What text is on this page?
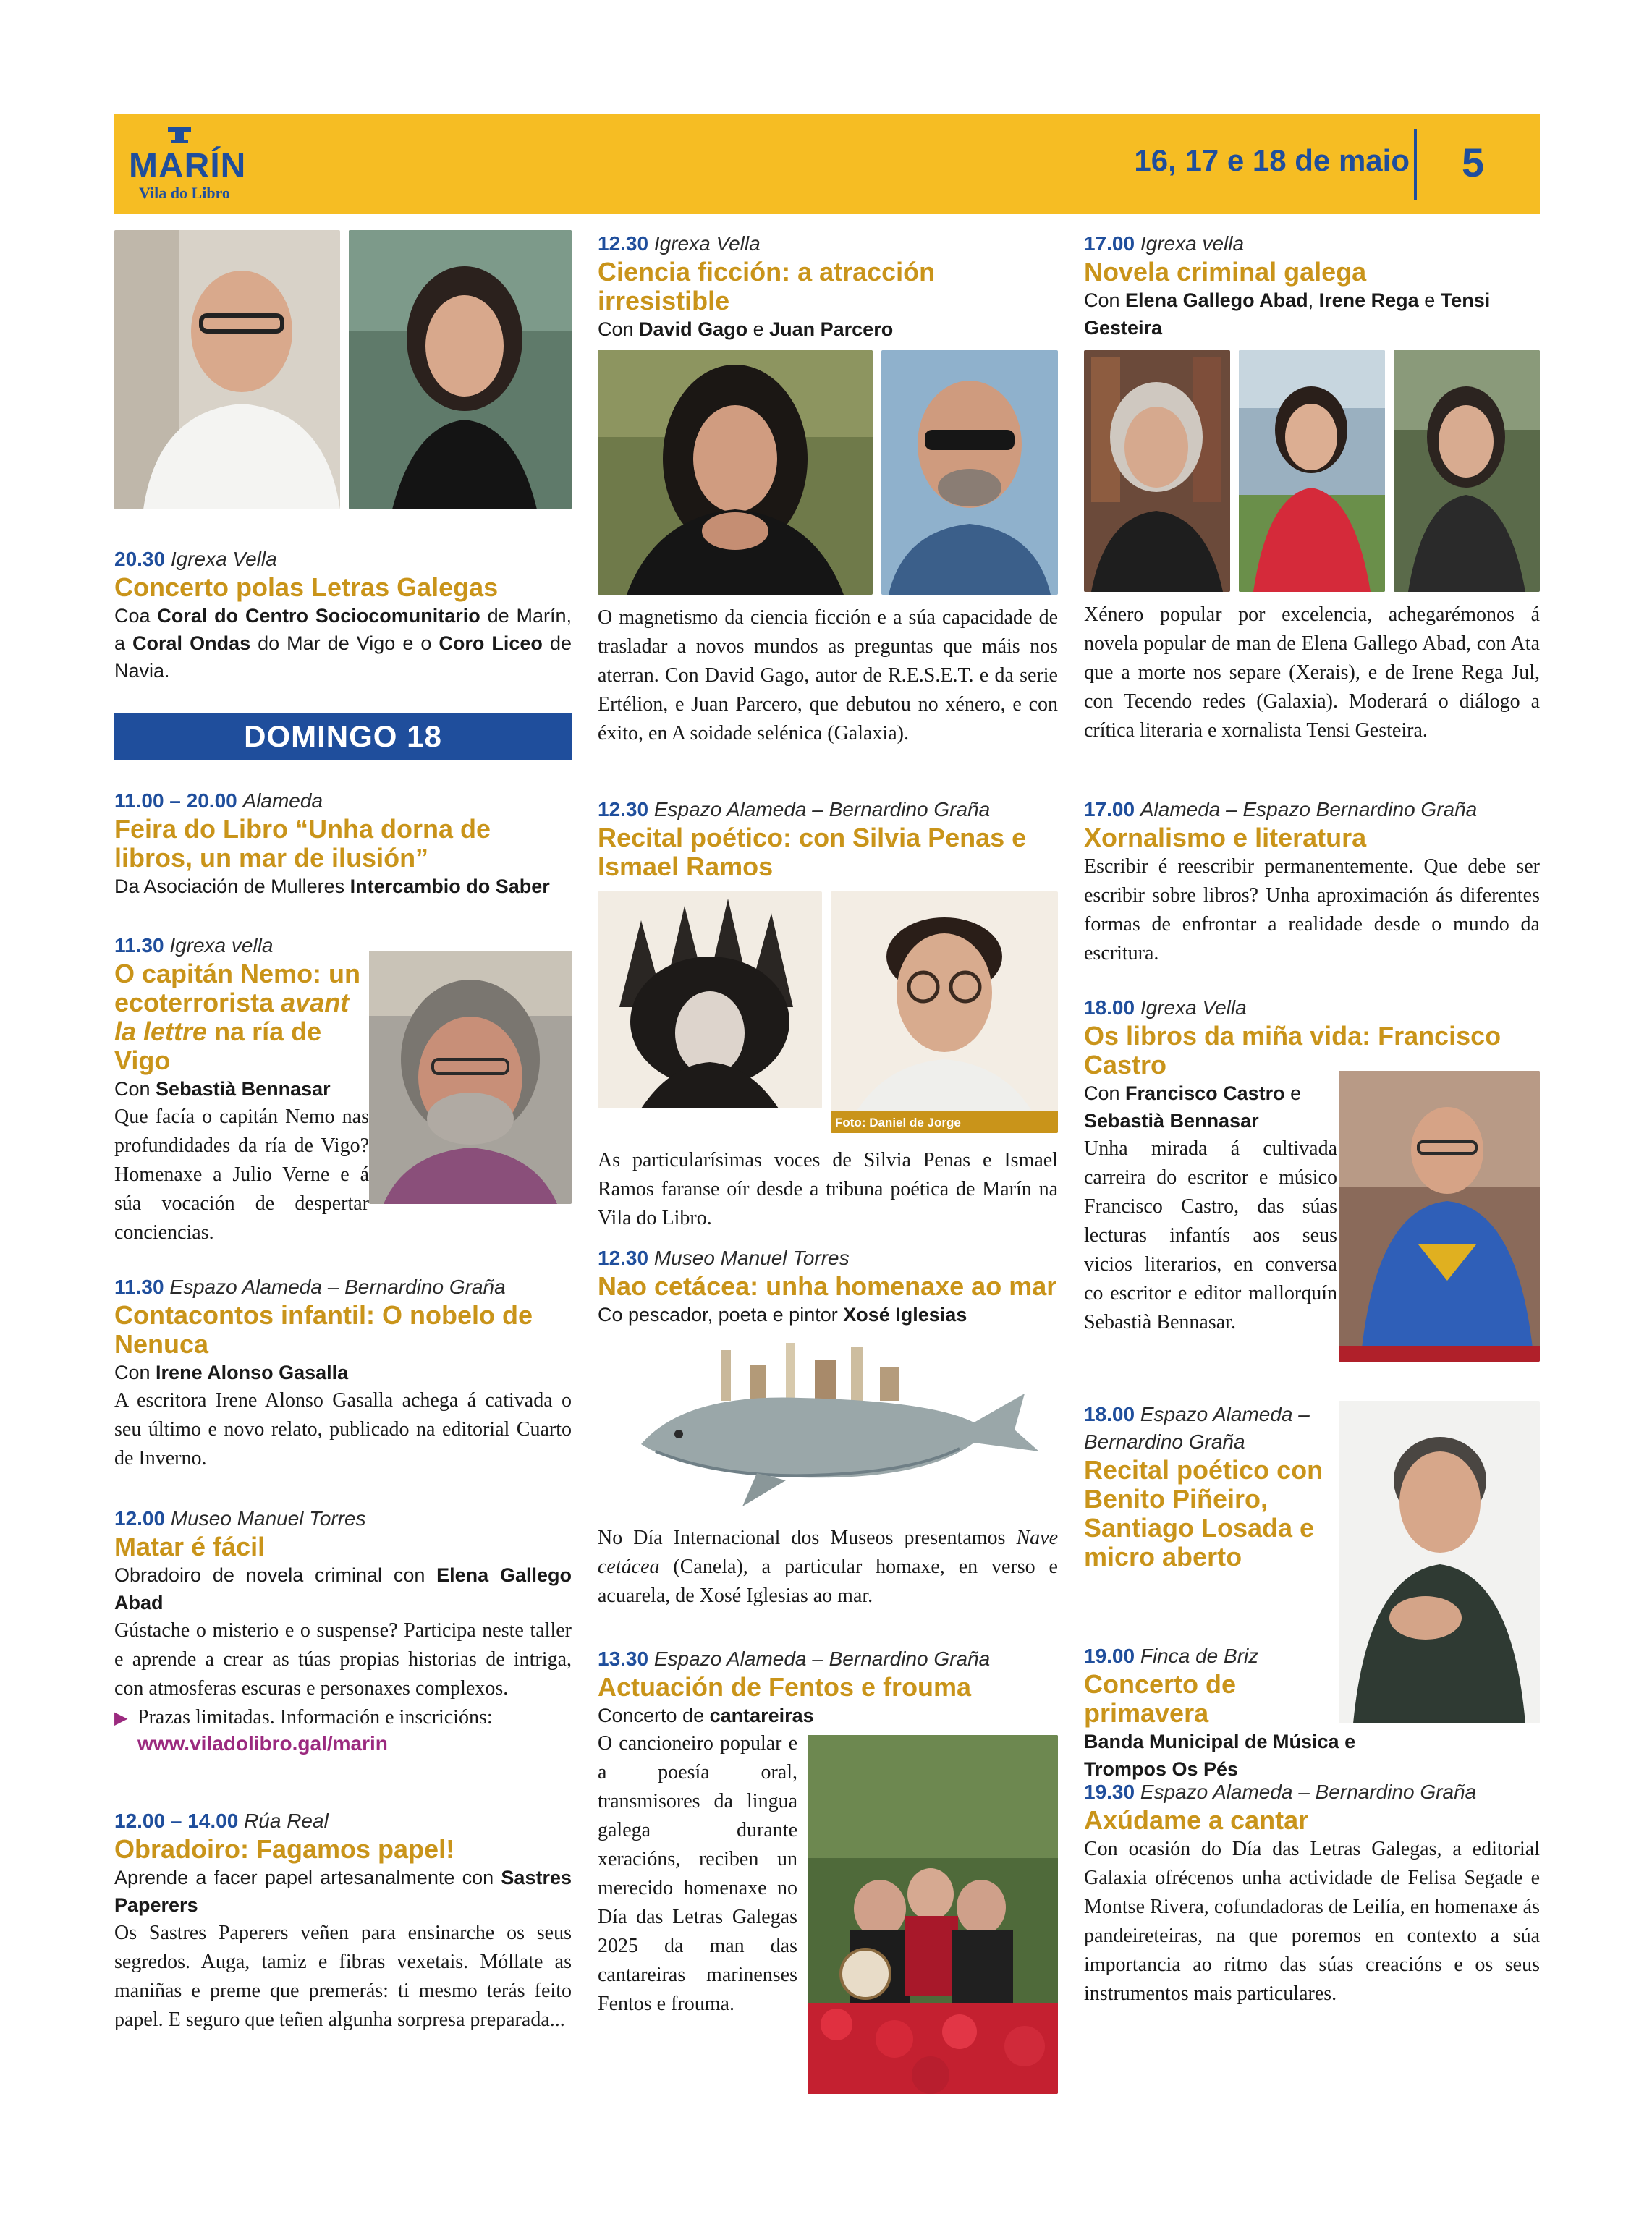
MARÍN
Vila do Libro
16, 17 e 18 de maio 5
20.30 Igrexa Vella
Concerto polas Letras Galegas
Coa Coral do Centro Sociocomunitario de Marín, a Coral Ondas do Mar de Vigo e o Coro Liceo de Navia.
DOMINGO 18
11.00 – 20.00 Alameda
Feira do Libro “Unha dorna de libros, un mar de ilusión”
Da Asociación de Mulleres Intercambio do Saber
11.30 Igrexa vella
O capitán Nemo: un ecoterrorista avant la lettre na ría de Vigo
Con Sebastià Bennasar
Que facía o capitán Nemo nas profundidades da ría de Vigo? Homenaxe a Julio Verne e á súa vocación de despertar conciencias.
11.30 Espazo Alameda – Bernardino Graña
Contacontos infantil: O nobelo de Nenuca
Con Irene Alonso Gasalla
A escritora Irene Alonso Gasalla achega á cativada o seu último e novo relato, publicado na editorial Cuarto de Inverno.
12.00 Museo Manuel Torres
Matar é fácil
Obradoiro de novela criminal con Elena Gallego Abad
Gústache o misterio e o suspense? Participa neste taller e aprende a crear as túas propias historias de intriga, con atmosferas escuras e personaxes complexos.
▶ Prazas limitadas. Información e inscricións:
www.viladolibro.gal/marin
12.00 – 14.00 Rúa Real
Obradoiro: Fagamos papel!
Aprende a facer papel artesanalmente con Sastres Paperers
Os Sastres Paperers veñen para ensinarche os seus segredos. Auga, tamiz e fibras vexetais. Móllate as maniñas e preme que premerás: ti mesmo terás feito papel. E seguro que teñen algunha sorpresa preparada...
12.30 Igrexa Vella
Ciencia ficción: a atracción irresistible
Con David Gago e Juan Parcero
O magnetismo da ciencia ficción e a súa capacidade de trasladar a novos mundos as preguntas que máis nos aterran. Con David Gago, autor de R.E.S.E.T. e da serie Ertélion, e Juan Parcero, que debutou no xénero, e con éxito, en A soidade selénica (Galaxia).
12.30 Espazo Alameda – Bernardino Graña
Recital poético: con Silvia Penas e Ismael Ramos
Foto: Daniel de Jorge
As particularísimas voces de Silvia Penas e Ismael Ramos faranse oír desde a tribuna poética de Marín na Vila do Libro.
12.30 Museo Manuel Torres
Nao cetácea: unha homenaxe ao mar
Co pescador, poeta e pintor Xosé Iglesias
No Día Internacional dos Museos presentamos Nave cetácea (Canela), a particular homaxe, en verso e acuarela, de Xosé Iglesias ao mar.
13.30 Espazo Alameda – Bernardino Graña
Actuación de Fentos e frouma
Concerto de cantareiras
O cancioneiro popular e a poesía oral, transmisores da lingua galega durante xeracións, reciben un merecido homenaxe no Día das Letras Galegas 2025 da man das cantareiras marinenses Fentos e frouma.
17.00 Igrexa vella
Novela criminal galega
Con Elena Gallego Abad, Irene Rega e Tensi Gesteira
Xénero popular por excelencia, achegarémonos á novela popular de man de Elena Gallego Abad, con Ata que a morte nos separe (Xerais), e de Irene Rega Jul, con Tecendo redes (Galaxia). Moderará o diálogo a crítica literaria e xornalista Tensi Gesteira.
17.00 Alameda – Espazo Bernardino Graña
Xornalismo e literatura
Escribir é reescribir permanentemente. Que debe ser escribir sobre libros? Unha aproximación ás diferentes formas de enfrontar a realidade desde o mundo da escritura.
18.00 Igrexa Vella
Os libros da miña vida: Francisco Castro
Con Francisco Castro e Sebastià Bennasar
Unha mirada á cultivada carreira do escritor e músico Francisco Castro, das súas lecturas infantís aos seus vicios literarios, en conversa co escritor e editor mallorquín Sebastià Bennasar.
18.00 Espazo Alameda – Bernardino Graña
Recital poético con Benito Piñeiro, Santiago Losada e micro aberto
19.00 Finca de Briz
Concerto de primavera
Banda Municipal de Música e Trompos Os Pés
19.30 Espazo Alameda – Bernardino Graña
Axúdame a cantar
Con ocasión do Día das Letras Galegas, a editorial Galaxia ofrécenos unha actividade de Felisa Segade e Montse Rivera, cofundadoras de Leilía, en homenaxe ás pandeireteiras, na que poremos en contexto a súa importancia ao ritmo das súas creacións e os seus instrumentos mais particulares.
